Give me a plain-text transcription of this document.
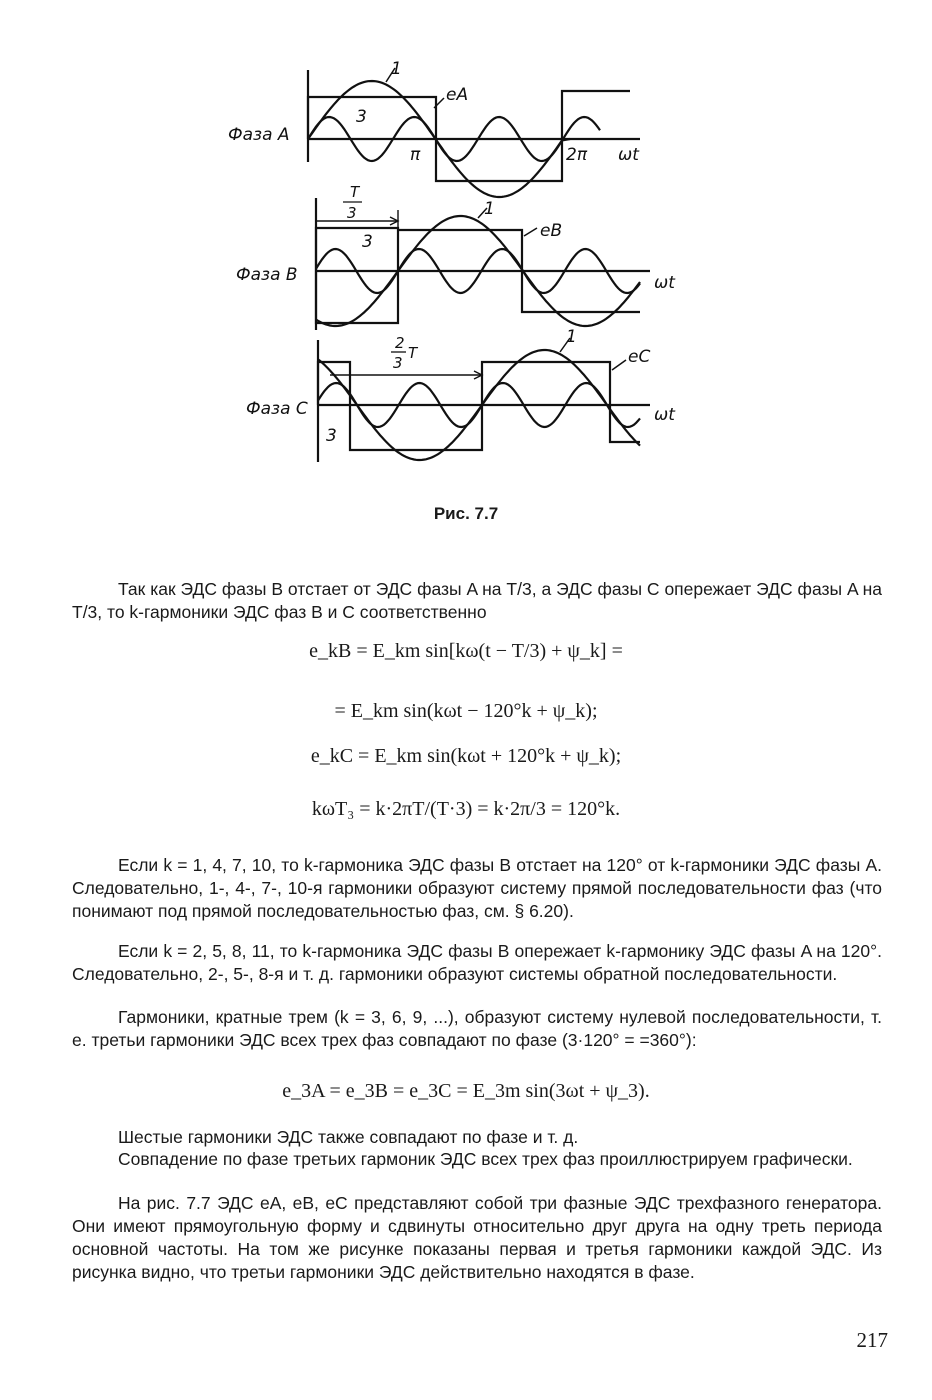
Фаза A
1
3
eA
π	2π ωt
Фаза B
T
3	1
3
eB
ωt
Фаза C
2
3
T
1
3
eC
ωt
Рис. 7.7
Так как ЭДС фазы B отстает от ЭДС фазы A на T/3, а ЭДС фазы C опережает ЭДС фазы A на T/3, то k-гармоники ЭДС фаз B и C соответственно
e_kB = E_km sin[kω(t − T/3) + ψ_k] =
= E_km sin(kωt − 120°k + ψ_k);
e_kC = E_km sin(kωt + 120°k + ψ_k);
kωT₃ = k·2πT/(T·3) = k·2π/3 = 120°k.
Если k = 1, 4, 7, 10, то k-гармоника ЭДС фазы B отстает на 120° от k-гармоники ЭДС фазы A. Следовательно, 1-, 4-, 7-, 10-я гармоники образуют систему прямой последовательности фаз (что понимают под прямой последовательностью фаз, см. § 6.20).
Если k = 2, 5, 8, 11, то k-гармоника ЭДС фазы B опережает k-гармонику ЭДС фазы A на 120°. Следовательно, 2-, 5-, 8-я и т. д. гармоники образуют системы обратной последовательности.
Гармоники, кратные трем (k = 3, 6, 9, ...), образуют систему нулевой последовательности, т. е. третьи гармоники ЭДС всех трех фаз совпадают по фазе (3·120° = =360°):
e_3A = e_3B = e_3C = E_3m sin(3ωt + ψ_3).
Шестые гармоники ЭДС также совпадают по фазе и т. д.
Совпадение по фазе третьих гармоник ЭДС всех трех фаз проиллюстрируем графически.
На рис. 7.7 ЭДС eA, eB, eC представляют собой три фазные ЭДС трехфазного генератора. Они имеют прямоугольную форму и сдвинуты относительно друг друга на одну треть периода основной частоты. На том же рисунке показаны первая и третья гармоники каждой ЭДС. Из рисунка видно, что третьи гармоники ЭДС действительно находятся в фазе.
217
